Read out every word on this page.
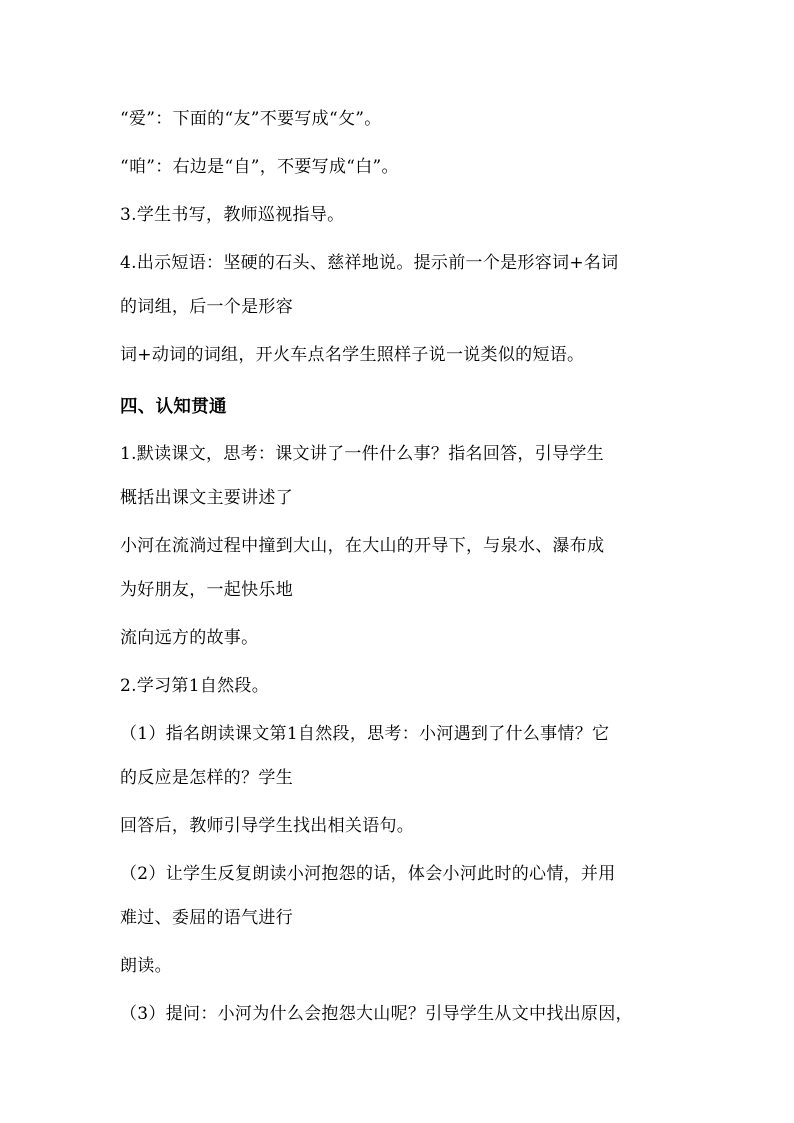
“爱”：下面的“友”不要写成“攵”。
“咱”：右边是“自”，不要写成“白”。
3.学生书写，教师巡视指导。
4.出示短语：坚硬的石头、慈祥地说。提示前一个是形容词+名词
的词组，后一个是形容
词+动词的词组，开火车点名学生照样子说一说类似的短语。
四、认知贯通
1.默读课文，思考：课文讲了一件什么事？指名回答，引导学生
概括出课文主要讲述了
小河在流淌过程中撞到大山，在大山的开导下，与泉水、瀑布成
为好朋友，一起快乐地
流向远方的故事。
2.学习第1自然段。
（1）指名朗读课文第1自然段，思考：小河遇到了什么事情？它
的反应是怎样的？学生
回答后，教师引导学生找出相关语句。
（2）让学生反复朗读小河抱怨的话，体会小河此时的心情，并用
难过、委屈的语气进行
朗读。
（3）提问：小河为什么会抱怨大山呢？引导学生从文中找出原因，
